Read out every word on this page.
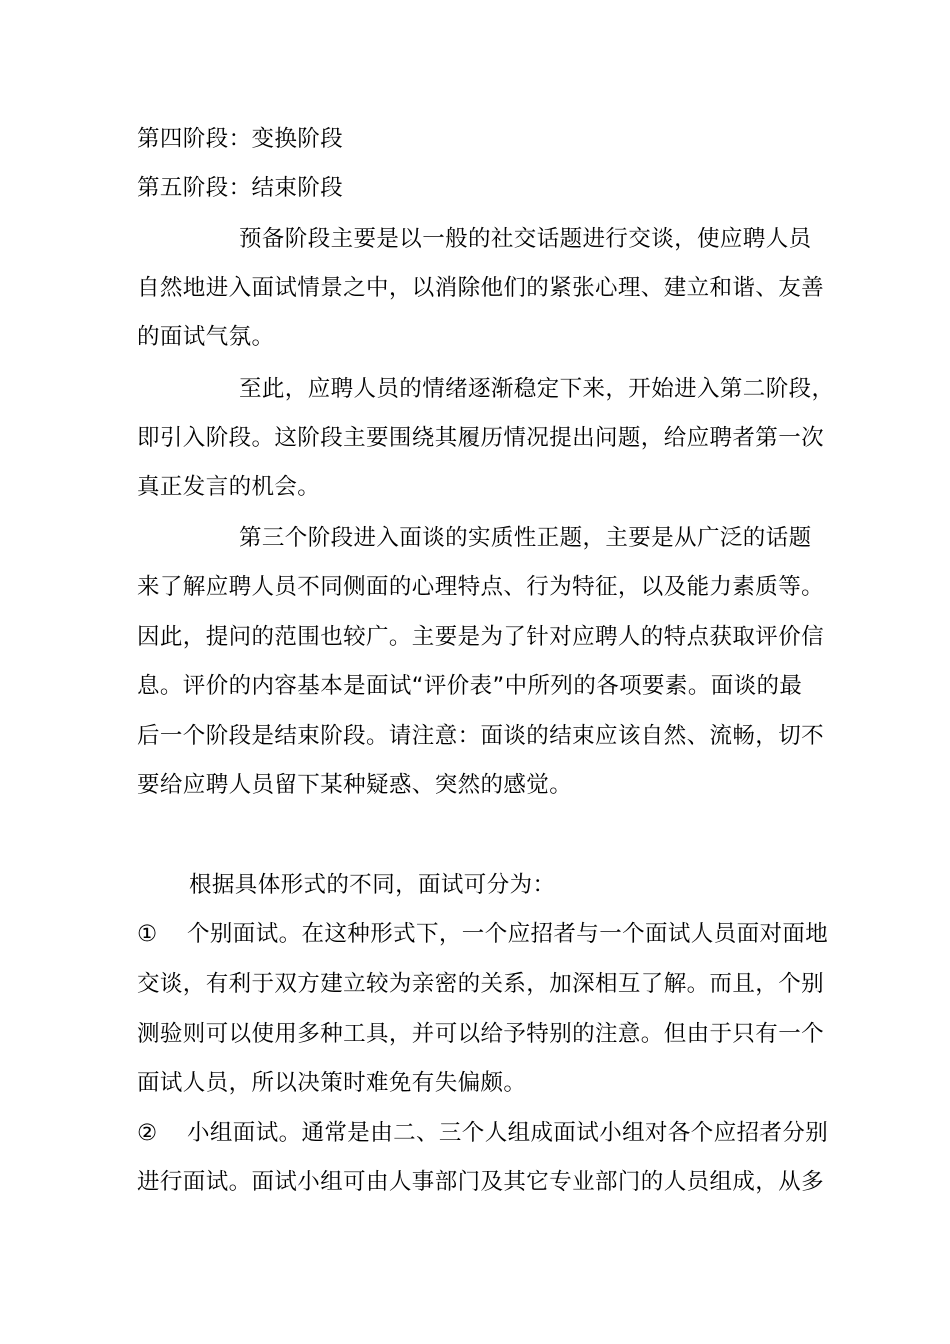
第四阶段：变换阶段
第五阶段：结束阶段
预备阶段主要是以一般的社交话题进行交谈，使应聘人员
自然地进入面试情景之中，以消除他们的紧张心理、建立和谐、友善
的面试气氛。
至此，应聘人员的情绪逐渐稳定下来，开始进入第二阶段，
即引入阶段。这阶段主要围绕其履历情况提出问题，给应聘者第一次
真正发言的机会。
第三个阶段进入面谈的实质性正题，主要是从广泛的话题
来了解应聘人员不同侧面的心理特点、行为特征，以及能力素质等。
因此，提问的范围也较广。主要是为了针对应聘人的特点获取评价信
息。评价的内容基本是面试“评价表”中所列的各项要素。面谈的最
后一个阶段是结束阶段。请注意：面谈的结束应该自然、流畅，切不
要给应聘人员留下某种疑惑、突然的感觉。
根据具体形式的不同，面试可分为：
① 个别面试。在这种形式下，一个应招者与一个面试人员面对面地
交谈，有利于双方建立较为亲密的关系，加深相互了解。而且，个别
测验则可以使用多种工具，并可以给予特别的注意。但由于只有一个
面试人员，所以决策时难免有失偏颇。
② 小组面试。通常是由二、三个人组成面试小组对各个应招者分别
进行面试。面试小组可由人事部门及其它专业部门的人员组成，从多
